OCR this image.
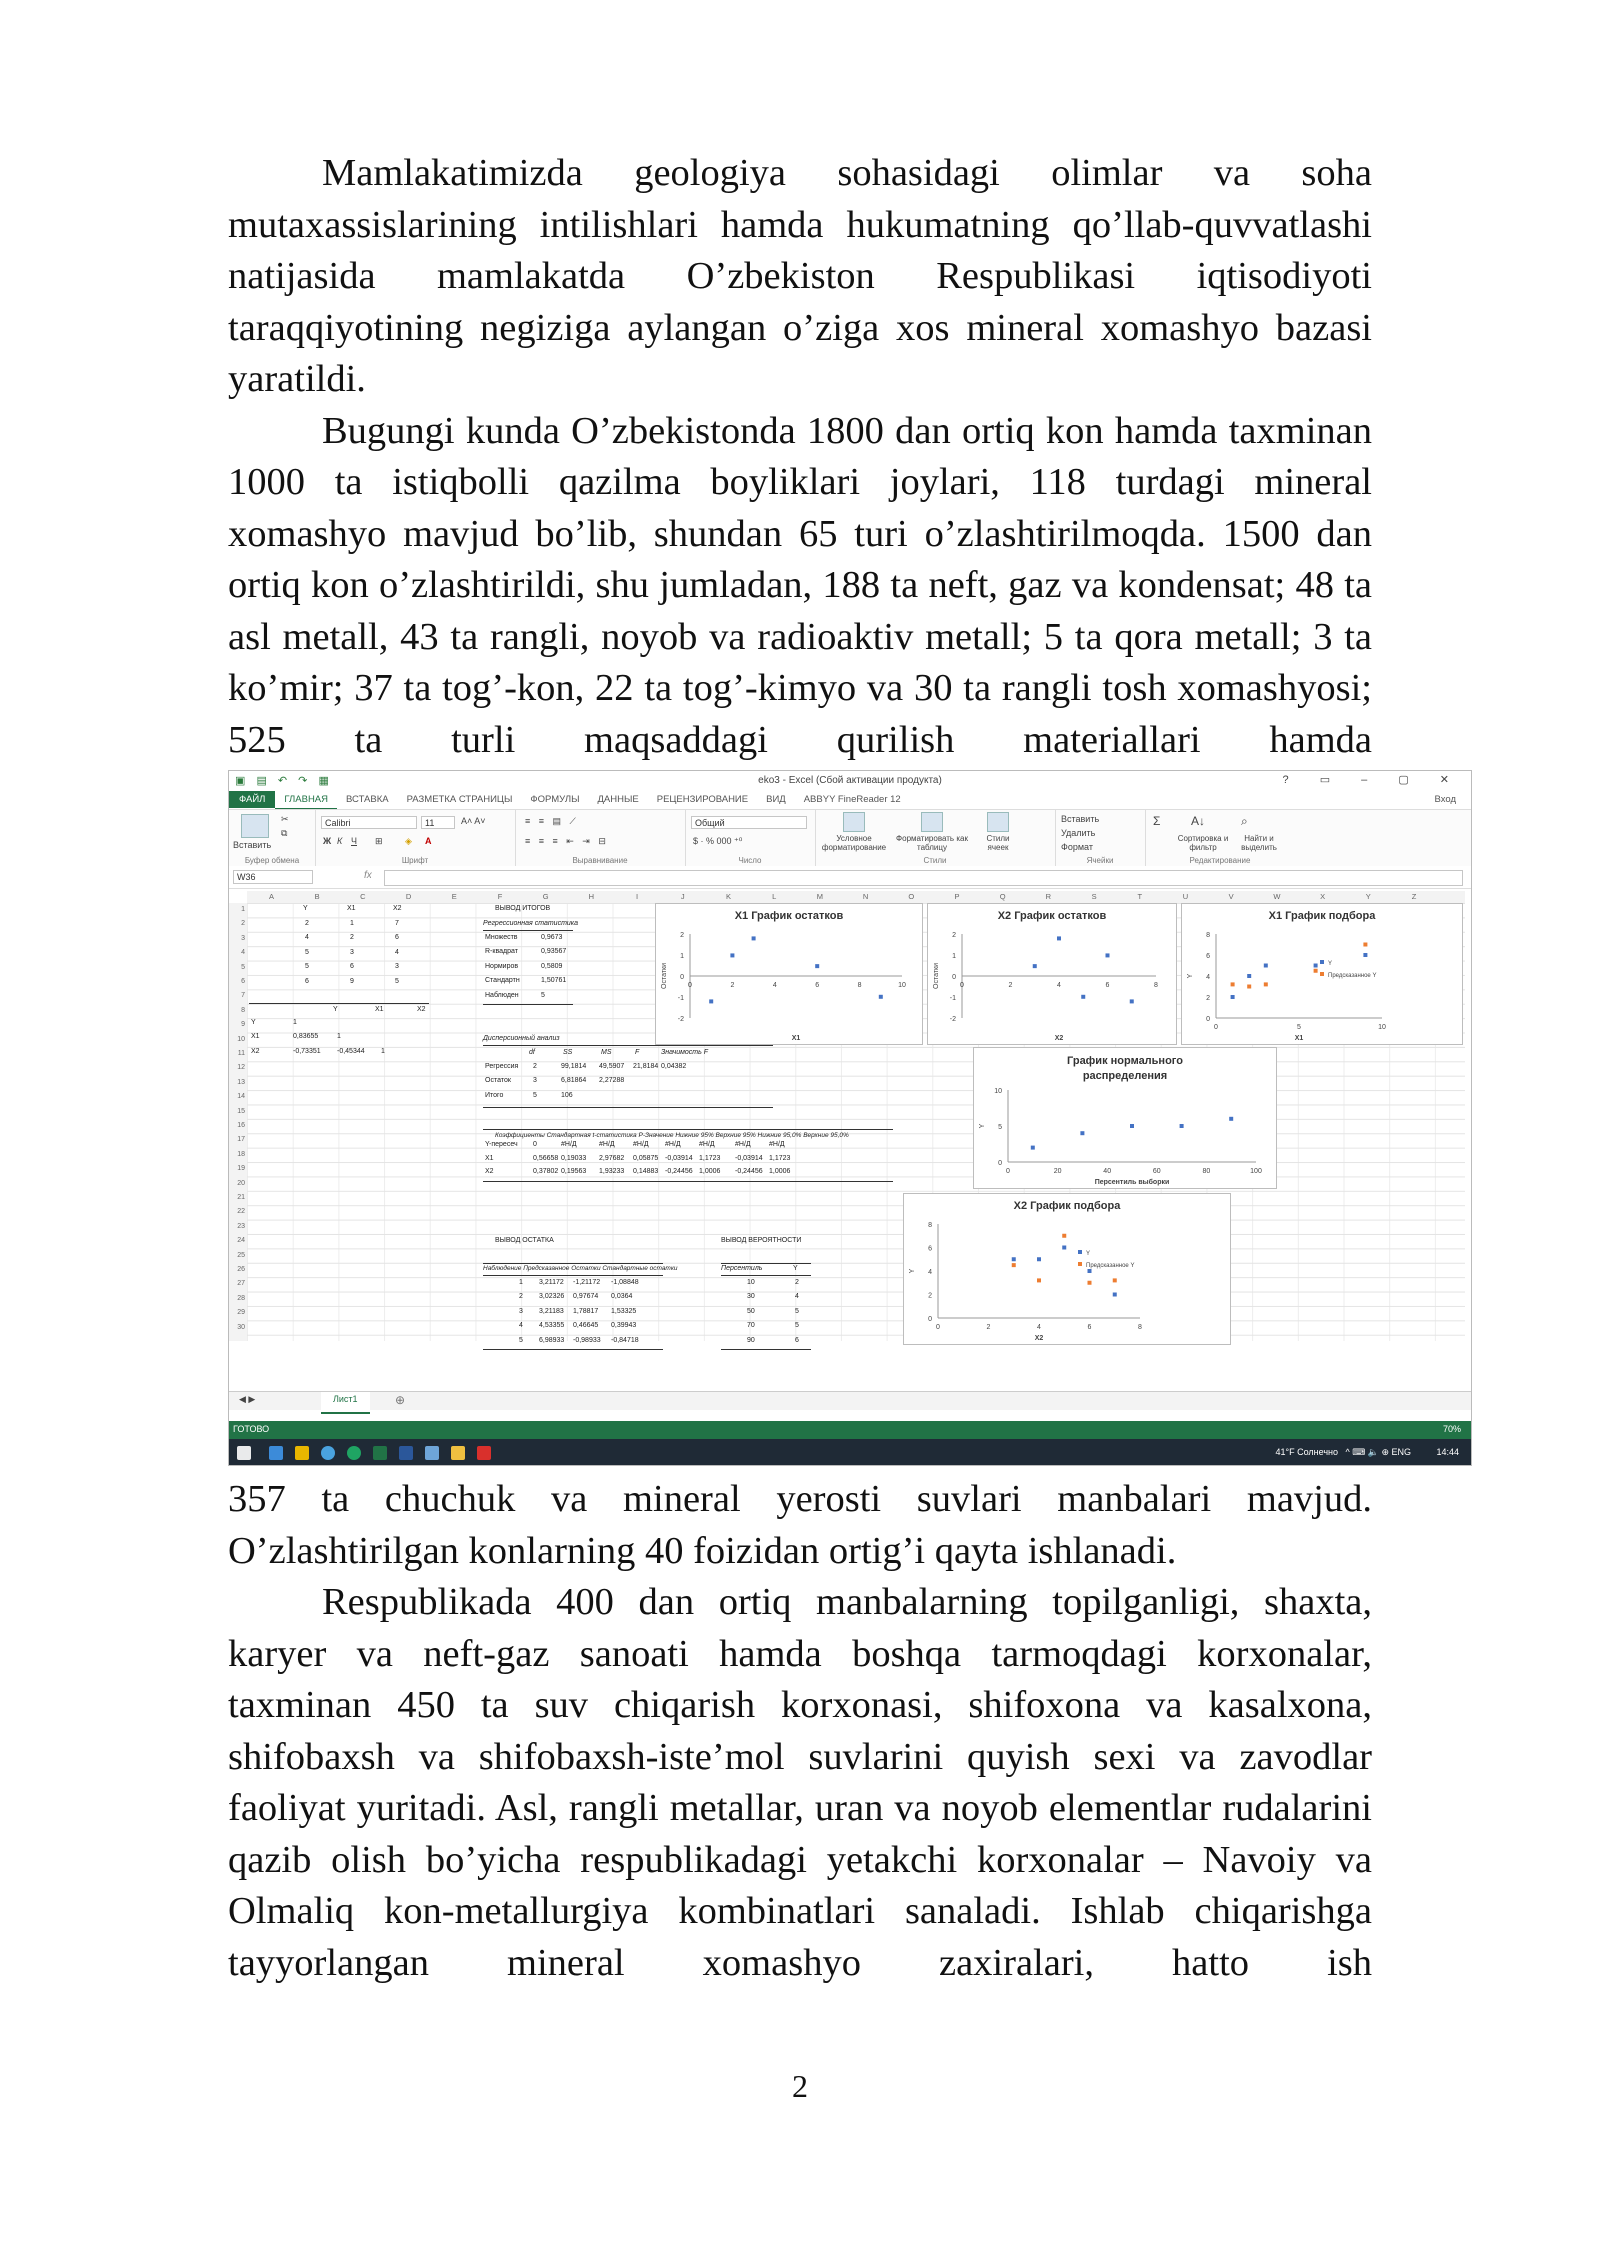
Mamlakatimizda geologiya sohasidagi olimlar va soha mutaxassislarining intilishlari hamda hukumatning qo’llab-quvvatlashi natijasida mamlakatda O’zbekiston Respublikasi iqtisodiyoti taraqqiyotining negiziga aylangan o’ziga xos mineral xomashyo bazasi yaratildi.

Bugungi kunda O’zbekistonda 1800 dan ortiq kon hamda taxminan 1000 ta istiqbolli qazilma boyliklari joylari, 118 turdagi mineral xomashyo mavjud bo’lib, shundan 65 turi o’zlashtirilmoqda. 1500 dan ortiq kon o’zlashtirildi, shu jumladan, 188 ta neft, gaz va kondensat; 48 ta asl metall, 43 ta rangli, noyob va radioaktiv metall; 5 ta qora metall; 3 ta ko’mir; 37 ta tog’-kon, 22 ta tog’-kimyo va 30 ta rangli tosh xomashyosi; 525 ta turli maqsaddagi qurilish materiallari hamda

▣ ▤ ↶ ↷ ▦	eko3 - Excel (Сбой активации продукта)	? ▭ – ▢ ✕
ФАЙЛ ГЛАВНАЯ ВСТАВКА РАЗМЕТКА СТРАНИЦЫ ФОРМУЛЫ ДАННЫЕ РЕЦЕНЗИРОВАНИЕ ВИД ABBYY FineReader 12	Вход
Вставить
✂
⧉
Буфер обмена
Calibri	11	A˄ A˅
Ж К Ч ⊞ ◈ A
Шрифт
≡ ≡ ▤ ⟋
≡ ≡ ≡ ⇤ ⇥ ⊟
Выравнивание
Общий
$ · % 000 ⁺⁰
Число
Условное форматирование
Форматировать как таблицу
Стили ячеек
Стили
Вставить
Удалить
Формат
Ячейки
Σ	A↓	⌕
Сортировка и фильтр
Найти и выделить
Редактирование
W36	fx
A	B	C	D	E	F	G	H	I	J	K	L	M	N	O	P	Q	R	S	T	U	V	W	X	Y	Z
1
2
3
4
5
6
7
8
9
10
11
12
13
14
15
16
17
18
19
20
21
22
23
24
25
26
27
28
29
30
Y	X1	X2
Y	X1	X2
ВЫВОД ИТОГОВ
Регрессионная статистика
Дисперсионный анализ
Коэффициенты Стандартная t-статистика P-Значение Нижние 95% Верхние 95% Нижние 95,0% Верхние 95,0%
ВЫВОД ОСТАТКА
Наблюдение Предсказанное Остатки Стандартные остатки
ВЫВОД ВЕРОЯТНОСТИ
Персентиль	Y
X1 График остатков
2
1
0
-1
-2
0	2	4	6	8	10
X1
Остатки
X2 График остатков
2
1
0
-1
-2
0	2	4	6	8
X2
Остатки
X1 График подбора
8
6
4
2
0
0	5	10
X1
Y
Y
Предсказанное Y
График нормального
распределения
10
5
0
0	20	40	60	80	100
Персентиль выборки
Y
X2 График подбора
8
6
4
2
0
0	2	4	6	8
X2
Y
Y
Предсказанное Y
2	1	7
4	2	6
5	3	4
5	6	3
6	9	5
Y	1
X1	0,83655	1
X2	-0,73351 -0,45344 1
Множеств	0,9673
R-квадрат	0,93567
Нормиров	0,5809
Стандартн	1,50761
Наблюден	5
df	SS	MS	F	Значимость F
Регрессия 2	99,1814 49,5907 21,8184 0,04382
Остаток	3	6,81864 2,27288
Итого	5	106
Y-пересеч 0	#Н/Д	#Н/Д	#Н/Д #Н/Д	#Н/Д	#Н/Д	#Н/Д
X1	0,56658 0,19033 2,97682 0,05875 -0,03914 1,1723 -0,03914 1,1723
X2	0,37802 0,19563 1,93233 0,14883 -0,24456 1,0006 -0,24456 1,0006
1 3,21172 -1,21172 -1,08848
2 3,02326 0,97674 0,0364
3 3,21183 1,78817 1,53325
4 4,53355 0,46645 0,39943
5 6,98933 -0,98933 -0,84718
10	2
30	4
50	5
70	5
90	6
◀ ▶	Лист1	⊕
ГОТОВО	70%
41°F Солнечно   ^ ⌨ 🔈 ⊕ ENG	14:44

357 ta chuchuk va mineral yerosti suvlari manbalari mavjud. O’zlashtirilgan konlarning 40 foizidan ortig’i qayta ishlanadi.

Respublikada 400 dan ortiq manbalarning topilganligi, shaxta, karyer va neft-gaz sanoati hamda boshqa tarmoqdagi korxonalar, taxminan 450 ta suv chiqarish korxonasi, shifoxona va kasalxona, shifobaxsh va shifobaxsh-iste’mol suvlarini quyish sexi va zavodlar faoliyat yuritadi. Asl, rangli metallar, uran va noyob elementlar rudalarini qazib olish bo’yicha respublikadagi yetakchi korxonalar – Navoiy va Olmaliq kon-metallurgiya kombinatlari sanaladi. Ishlab chiqarishga tayyorlangan mineral xomashyo zaxiralari, hatto ish

2
